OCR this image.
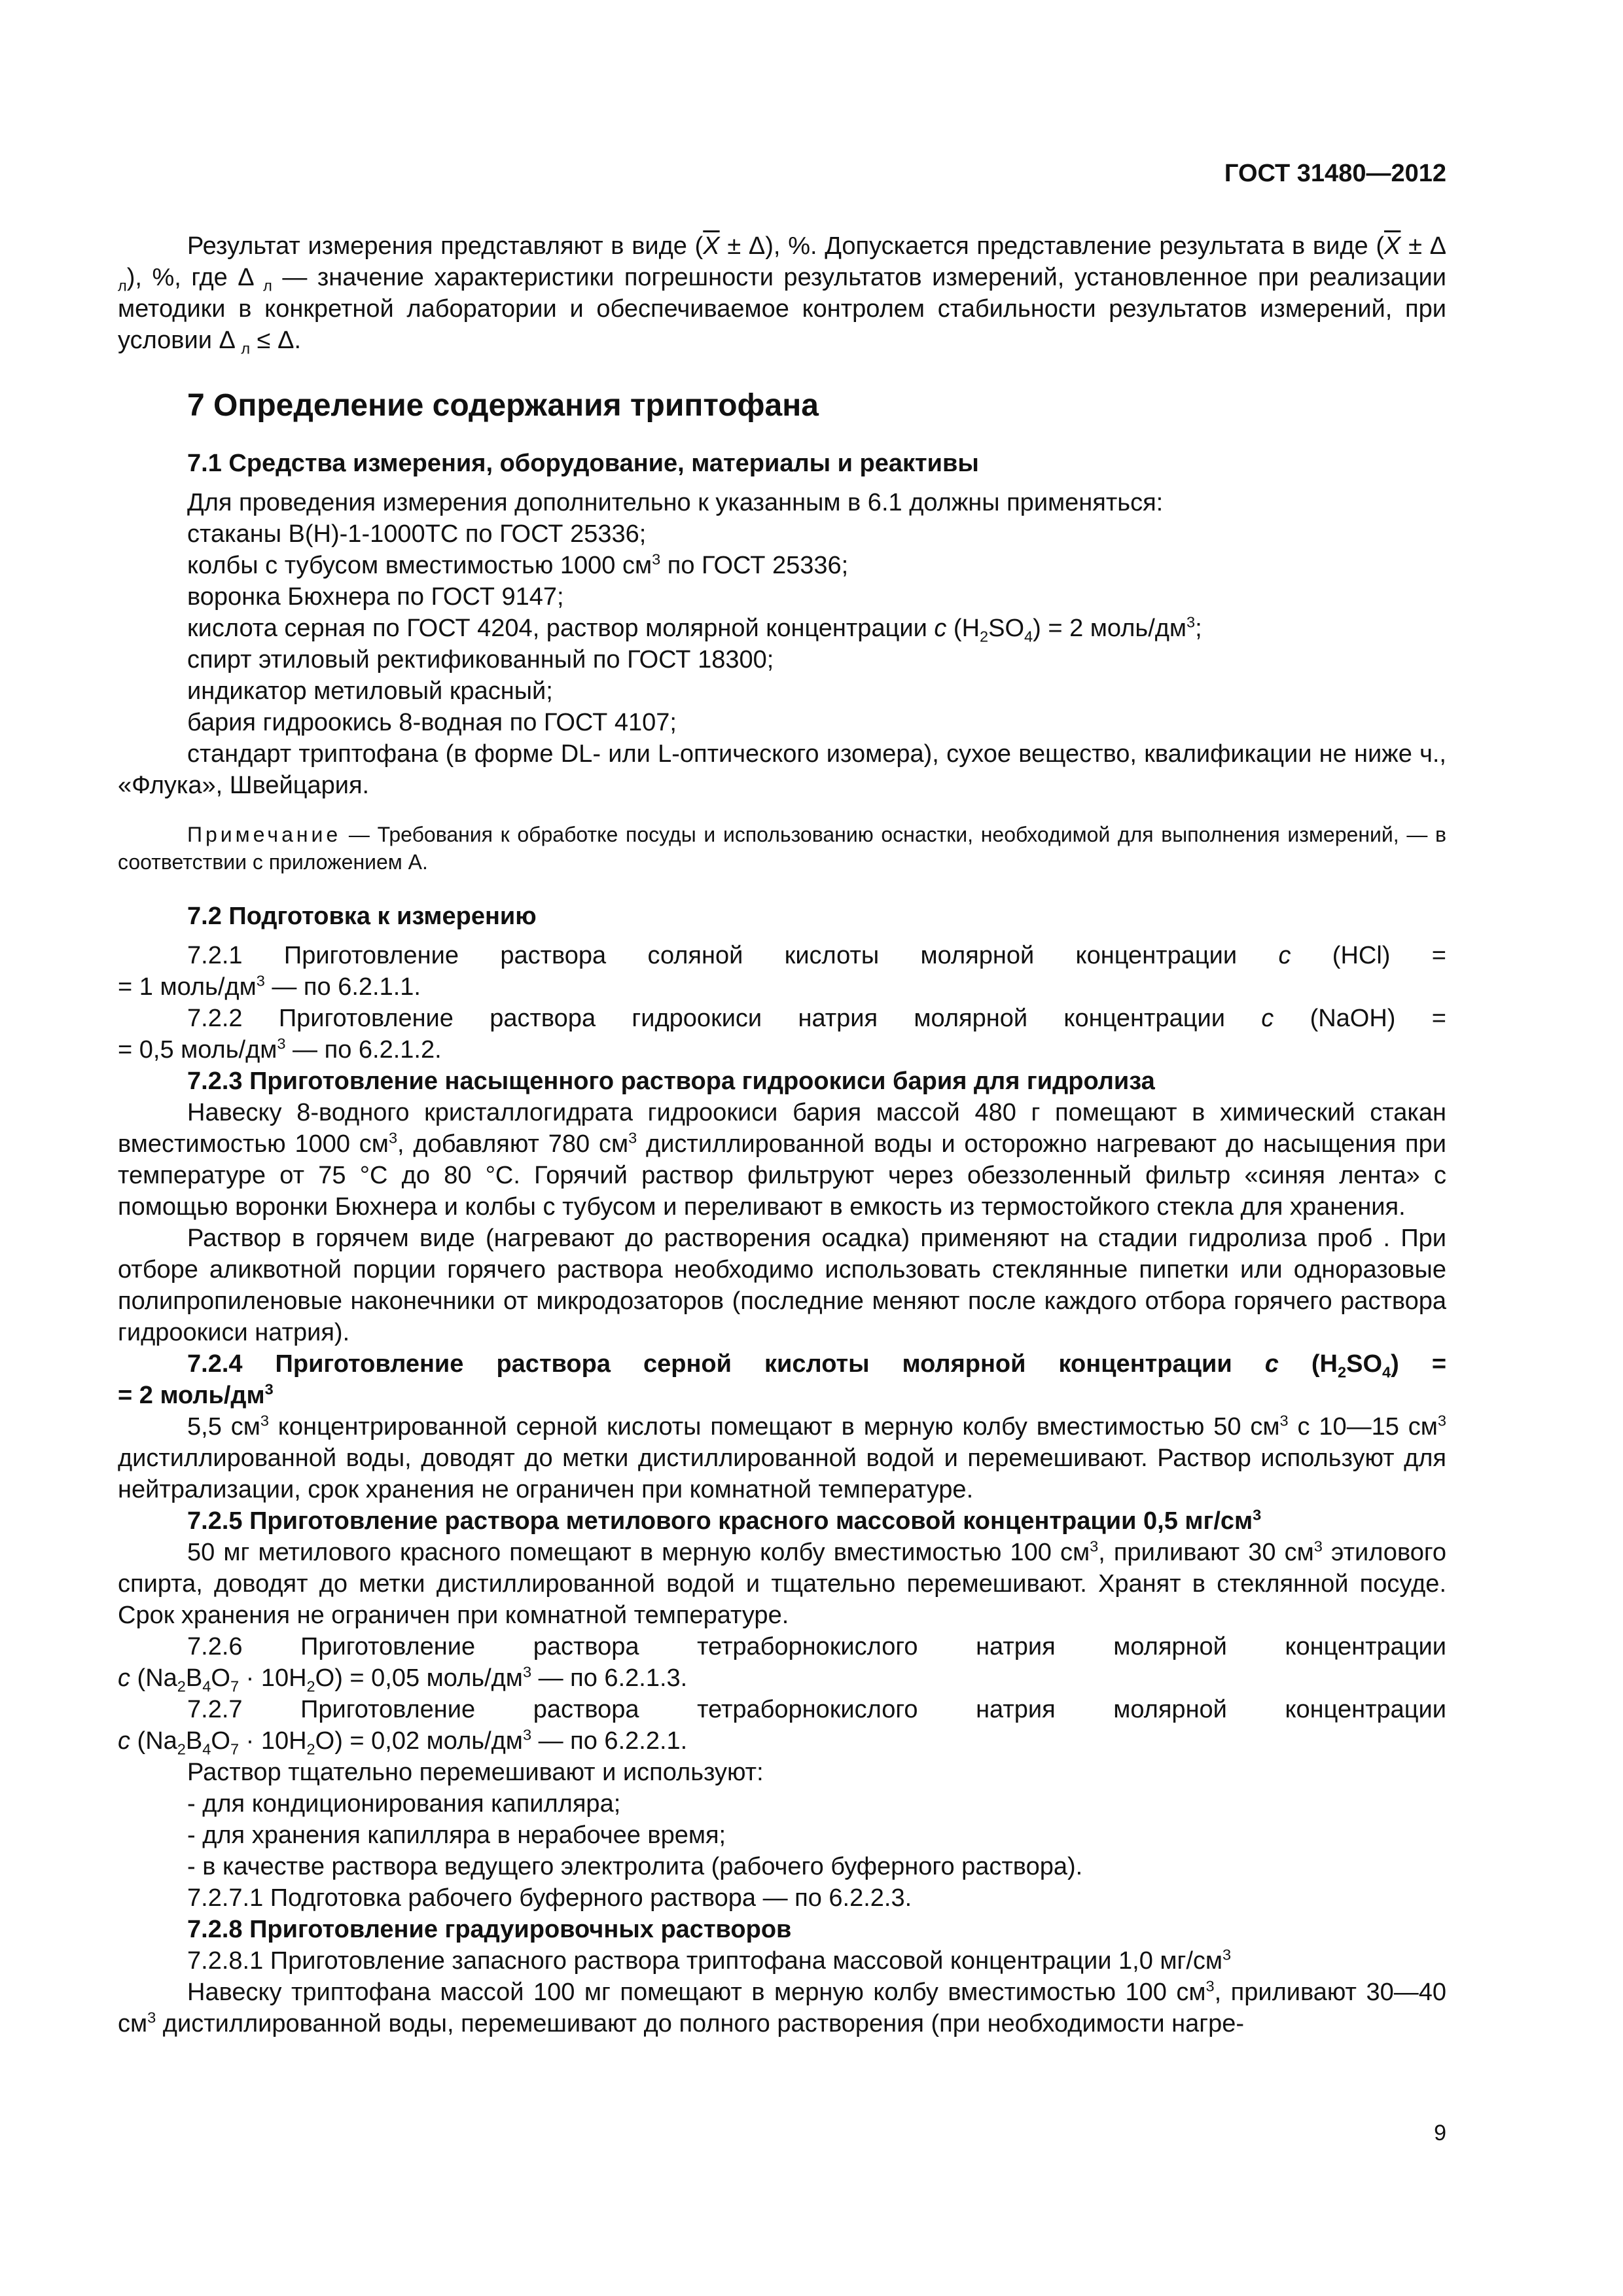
ГОСТ 31480—2012

Результат измерения представляют в виде $(\overline{X} \pm \Delta)$, %. Допускается представление результата в виде ($\overline{X} \pm \Delta$ $_л$), %, где Δ $_л$ — значение характеристики погрешности результатов измерений, установленное при реализации методики в конкретной лаборатории и обеспечиваемое контролем стабильности результатов измерений, при условии Δ $_л$ ≤ Δ.

7 Определение содержания триптофана
7.1 Средства измерения, оборудование, материалы и реактивы

Для проведения измерения дополнительно к указанным в 6.1 должны применяться:

стаканы В(Н)-1-1000ТС по ГОСТ 25336;

колбы с тубусом вместимостью 1000 $см^3$ по ГОСТ 25336;

воронка Бюхнера по ГОСТ 9147;

кислота серная по ГОСТ 4204, раствор молярной концентрации c $(H_2SO_4) = 2$ моль/$дм^3$;

спирт этиловый ректификованный по ГОСТ 18300;

индикатор метиловый красный;

бария гидроокись 8-водная по ГОСТ 4107;

стандарт триптофана (в форме DL- или L-оптического изомера), сухое вещество, квалификации не ниже ч., «Флука», Швейцария.

Примечание — Требования к обработке посуды и использованию оснастки, необходимой для выполнения измерений, — в соответствии с приложением А.

7.2 Подготовка к измерению

7.2.1 Приготовление раствора соляной кислоты молярной концентрации c (HCl) =

= 1 моль/$дм^3$ — по 6.2.1.1.

7.2.2 Приготовление раствора гидроокиси натрия молярной концентрации c (NaOH) =

= 0,5 моль/$дм^3$ — по 6.2.1.2.

7.2.3 Приготовление насыщенного раствора гидроокиси бария для гидролиза

Навеску 8-водного кристаллогидрата гидроокиси бария массой 480 г помещают в химический стакан вместимостью 1000 $см^3$, добавляют 780 $см^3$ дистиллированной воды и осторожно нагревают до насыщения при температуре от 75 °C до 80 °C. Горячий раствор фильтруют через обеззоленный фильтр «синяя лента» с помощью воронки Бюхнера и колбы с тубусом и переливают в емкость из термостойкого стекла для хранения.

Раствор в горячем виде (нагревают до растворения осадка) применяют на стадии гидролиза проб . При отборе аликвотной порции горячего раствора необходимо использовать стеклянные пипетки или одноразовые полипропиленовые наконечники от микродозаторов (последние меняют после каждого отбора горячего раствора гидроокиси натрия).

7.2.4 Приготовление раствора серной кислоты молярной концентрации c $(H_2SO_4)$ =

= 2 моль/$дм^3$

5,5 $см^3$ концентрированной серной кислоты помещают в мерную колбу вместимостью 50 $см^3$ с 10—15 $см^3$ дистиллированной воды, доводят до метки дистиллированной водой и перемешивают. Раствор используют для нейтрализации, срок хранения не ограничен при комнатной температуре.

7.2.5 Приготовление раствора метилового красного массовой концентрации 0,5 $мг/см^3$

50 мг метилового красного помещают в мерную колбу вместимостью 100 $см^3$, приливают 30 $см^3$ этилового спирта, доводят до метки дистиллированной водой и тщательно перемешивают. Хранят в стеклянной посуде. Срок хранения не ограничен при комнатной температуре.

7.2.6 Приготовление раствора тетраборнокислого натрия молярной концентрации

c $(Na_2B_4O_7 \cdot 10H_2O) = 0,05$ моль/$дм^3$ — по 6.2.1.3.

7.2.7 Приготовление раствора тетраборнокислого натрия молярной концентрации

c $(Na_2B_4O_7 \cdot 10H_2O) = 0,02$ моль/$дм^3$ — по 6.2.2.1.

Раствор тщательно перемешивают и используют:

- для кондиционирования капилляра;

- для хранения капилляра в нерабочее время;

- в качестве раствора ведущего электролита (рабочего буферного раствора).

7.2.7.1 Подготовка рабочего буферного раствора — по 6.2.2.3.

7.2.8 Приготовление градуировочных растворов

7.2.8.1 Приготовление запасного раствора триптофана массовой концентрации 1,0 $мг/см^3$

Навеску триптофана массой 100 мг помещают в мерную колбу вместимостью 100 $см^3$, приливают 30—40 $см^3$ дистиллированной воды, перемешивают до полного растворения (при необходимости нагре-

9
